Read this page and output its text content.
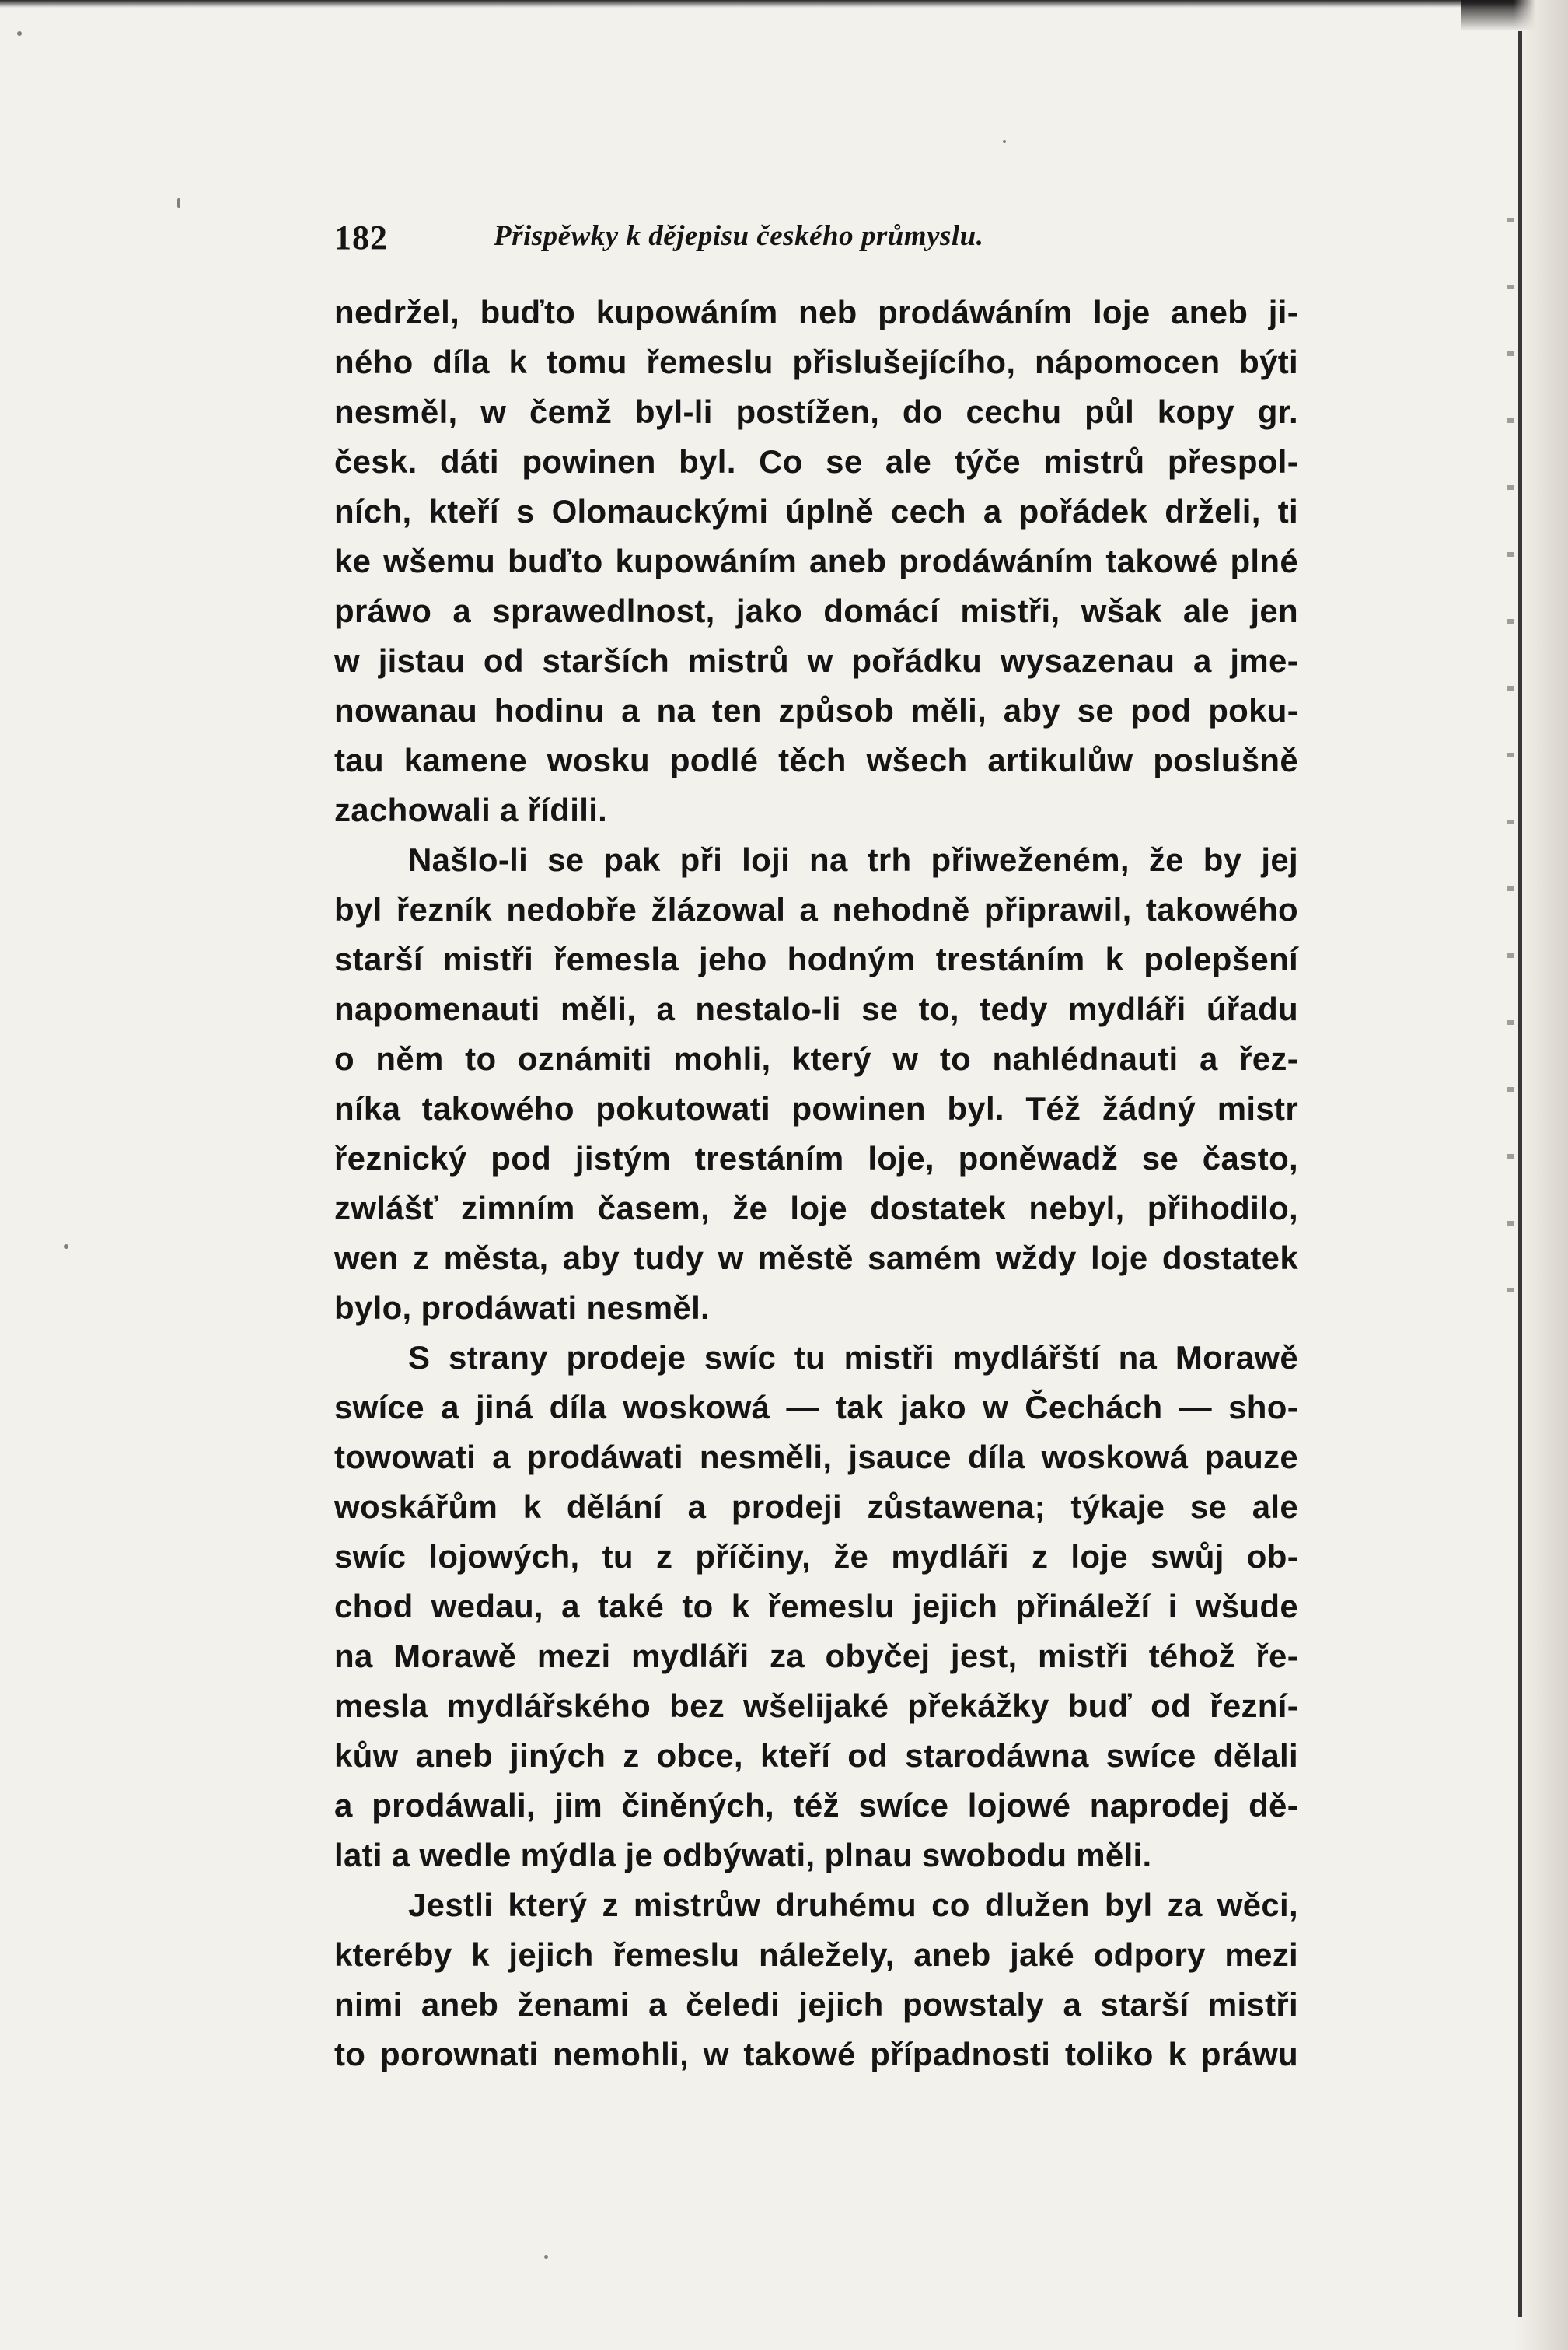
182	Přispěwky k dějepisu českého průmyslu.

nedržel, buďto kupowáním neb prodáwáním loje aneb ji-
ného díla k tomu řemeslu přislušejícího, nápomocen býti
nesměl, w čemž byl-li postížen, do cechu půl kopy gr.
česk. dáti powinen byl. Co se ale týče mistrů přespol-
ních, kteří s Olomauckými úplně cech a pořádek drželi, ti
ke wšemu buďto kupowáním aneb prodáwáním takowé plné
práwo a sprawedlnost, jako domácí mistři, wšak ale jen
w jistau od starších mistrů w pořádku wysazenau a jme-
nowanau hodinu a na ten způsob měli, aby se pod poku-
tau kamene wosku podlé těch wšech artikulůw poslušně
zachowali a řídili.

Našlo-li se pak při loji na trh přiweženém, že by jej
byl řezník nedobře žlázowal a nehodně připrawil, takowého
starší mistři řemesla jeho hodným trestáním k polepšení
napomenauti měli, a nestalo-li se to, tedy mydláři úřadu
o něm to oznámiti mohli, který w to nahlédnauti a řez-
níka takowého pokutowati powinen byl. Též žádný mistr
řeznický pod jistým trestáním loje, poněwadž se často,
zwlášť zimním časem, že loje dostatek nebyl, přihodilo,
wen z města, aby tudy w městě samém wždy loje dostatek
bylo, prodáwati nesměl.

S strany prodeje swíc tu mistři mydlářští na Morawě
swíce a jiná díla woskowá — tak jako w Čechách — sho-
towowati a prodáwati nesměli, jsauce díla woskowá pauze
woskářům k dělání a prodeji zůstawena; týkaje se ale
swíc lojowých, tu z příčiny, že mydláři z loje swůj ob-
chod wedau, a také to k řemeslu jejich přináleží i wšude
na Morawě mezi mydláři za obyčej jest, mistři téhož ře-
mesla mydlářského bez wšelijaké překážky buď od řezní-
kůw aneb jiných z obce, kteří od starodáwna swíce dělali
a prodáwali, jim činěných, též swíce lojowé naprodej dě-
lati a wedle mýdla je odbýwati, plnau swobodu měli.

Jestli který z mistrůw druhému co dlužen byl za wěci,
kteréby k jejich řemeslu náležely, aneb jaké odpory mezi
nimi aneb ženami a čeledi jejich powstaly a starší mistři
to porownati nemohli, w takowé případnosti toliko k práwu
